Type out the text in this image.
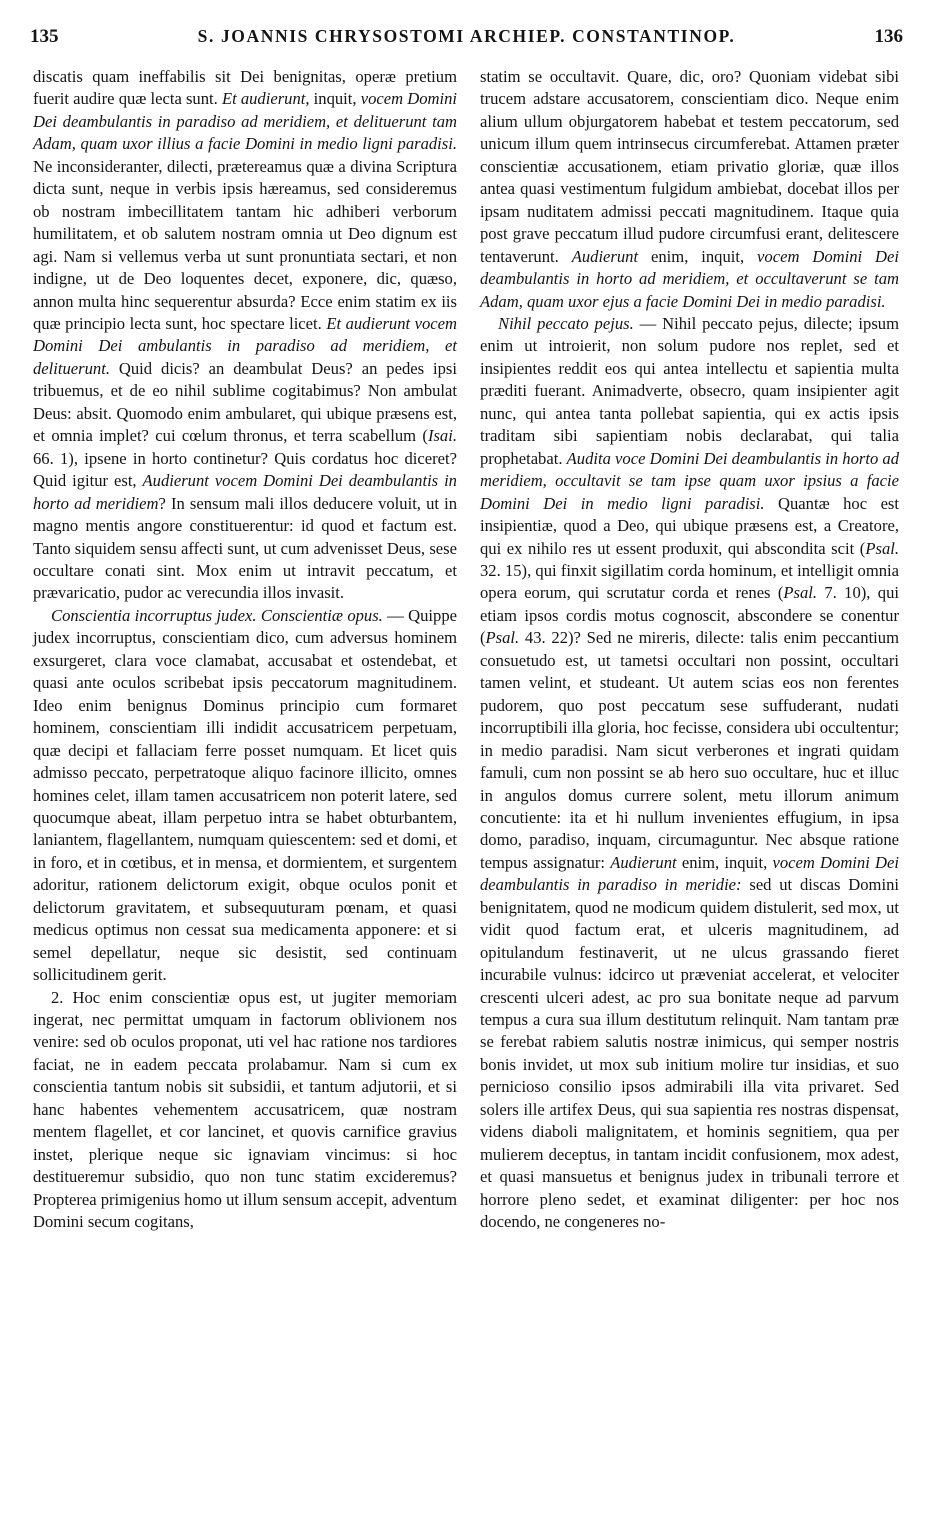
135	S. JOANNIS CHRYSOSTOMI ARCHIEP. CONSTANTINOP.	136

discatis quam ineffabilis sit Dei benignitas, operæ pretium fuerit audire quæ lecta sunt. Et audierunt, inquit, vocem Domini Dei deambulantis in paradiso ad meridiem, et delituerunt tam Adam, quam uxor illius a facie Domini in medio ligni paradisi. Ne inconsideranter, dilecti, prætereamus quæ a divina Scriptura dicta sunt, neque in verbis ipsis hæreamus, sed consideremus ob nostram imbecillitatem tantam hic adhiberi verborum humilitatem, et ob salutem nostram omnia ut Deo dignum est agi. Nam si vellemus verba ut sunt pronuntiata sectari, et non indigne, ut de Deo loquentes decet, exponere, dic, quæso, annon multa hinc sequerentur absurda? Ecce enim statim ex iis quæ principio lecta sunt, hoc spectare licet. Et audierunt vocem Domini Dei ambulantis in paradiso ad meridiem, et delituerunt. Quid dicis? an deambulat Deus? an pedes ipsi tribuemus, et de eo nihil sublime cogitabimus? Non ambulat Deus: absit. Quomodo enim ambularet, qui ubique præsens est, et omnia implet? cui cœlum thronus, et terra scabellum (Isai. 66. 1), ipsene in horto continetur? Quis cordatus hoc diceret? Quid igitur est, Audierunt vocem Domini Dei deambulantis in horto ad meridiem? In sensum mali illos deducere voluit, ut in magno mentis angore constituerentur: id quod et factum est. Tanto siquidem sensu affecti sunt, ut cum advenisset Deus, sese occultare conati sint. Mox enim ut intravit peccatum, et prævaricatio, pudor ac verecundia illos invasit.

Conscientia incorruptus judex. Conscientiæ opus. — Quippe judex incorruptus, conscientiam dico, cum adversus hominem exsurgeret, clara voce clamabat, accusabat et ostendebat, et quasi ante oculos scribebat ipsis peccatorum magnitudinem. Ideo enim benignus Dominus principio cum formaret hominem, conscientiam illi indidit accusatricem perpetuam, quæ decipi et fallaciam ferre posset numquam. Et licet quis admisso peccato, perpetratoque aliquo facinore illicito, omnes homines celet, illam tamen accusatricem non poterit latere, sed quocumque abeat, illam perpetuo intra se habet obturbantem, laniantem, flagellantem, numquam quiescentem: sed et domi, et in foro, et in cœtibus, et in mensa, et dormientem, et surgentem adoritur, rationem delictorum exigit, obque oculos ponit et delictorum gravitatem, et subsequuturam pœnam, et quasi medicus optimus non cessat sua medicamenta apponere: et si semel depellatur, neque sic desistit, sed continuam sollicitudinem gerit.

2. Hoc enim conscientiæ opus est, ut jugiter memoriam ingerat, nec permittat umquam in factorum oblivionem nos venire: sed ob oculos proponat, uti vel hac ratione nos tardiores faciat, ne in eadem peccata prolabamur. Nam si cum ex conscientia tantum nobis sit subsidii, et tantum adjutorii, et si hanc habentes vehementem accusatricem, quæ nostram mentem flagellet, et cor lancinet, et quovis carnifice gravius instet, plerique neque sic ignaviam vincimus: si hoc destitueremur subsidio, quo non tunc statim excideremus? Propterea primigenius homo ut illum sensum accepit, adventum Domini secum cogitans,

statim se occultavit. Quare, dic, oro? Quoniam videbat sibi trucem adstare accusatorem, conscientiam dico. Neque enim alium ullum objurgatorem habebat et testem peccatorum, sed unicum illum quem intrinsecus circumferebat. Attamen præter conscientiæ accusationem, etiam privatio gloriæ, quæ illos antea quasi vestimentum fulgidum ambiebat, docebat illos per ipsam nuditatem admissi peccati magnitudinem. Itaque quia post grave peccatum illud pudore circumfusi erant, delitescere tentaverunt. Audierunt enim, inquit, vocem Domini Dei deambulantis in horto ad meridiem, et occultaverunt se tam Adam, quam uxor ejus a facie Domini Dei in medio paradisi.

Nihil peccato pejus. — Nihil peccato pejus, dilecte; ipsum enim ut introierit, non solum pudore nos replet, sed et insipientes reddit eos qui antea intellectu et sapientia multa præditi fuerant. Animadverte, obsecro, quam insipienter agit nunc, qui antea tanta pollebat sapientia, qui ex actis ipsis traditam sibi sapientiam nobis declarabat, qui talia prophetabat. Audita voce Domini Dei deambulantis in horto ad meridiem, occultavit se tam ipse quam uxor ipsius a facie Domini Dei in medio ligni paradisi. Quantæ hoc est insipientiæ, quod a Deo, qui ubique præsens est, a Creatore, qui ex nihilo res ut essent produxit, qui abscondita scit (Psal. 32. 15), qui finxit sigillatim corda hominum, et intelligit omnia opera eorum, qui scrutatur corda et renes (Psal. 7. 10), qui etiam ipsos cordis motus cognoscit, abscondere se conentur (Psal. 43. 22)? Sed ne mireris, dilecte: talis enim peccantium consuetudo est, ut tametsi occultari non possint, occultari tamen velint, et studeant. Ut autem scias eos non ferentes pudorem, quo post peccatum sese suffuderant, nudati incorruptibili illa gloria, hoc fecisse, considera ubi occultentur; in medio paradisi. Nam sicut verberones et ingrati quidam famuli, cum non possint se ab hero suo occultare, huc et illuc in angulos domus currere solent, metu illorum animum concutiente: ita et hi nullum invenientes effugium, in ipsa domo, paradiso, inquam, circumaguntur. Nec absque ratione tempus assignatur: Audierunt enim, inquit, vocem Domini Dei deambulantis in paradiso in meridie: sed ut discas Domini benignitatem, quod ne modicum quidem distulerit, sed mox, ut vidit quod factum erat, et ulceris magnitudinem, ad opitulandum festinaverit, ut ne ulcus grassando fieret incurabile vulnus: idcirco ut præveniat accelerat, et velociter crescenti ulceri adest, ac pro sua bonitate neque ad parvum tempus a cura sua illum destitutum relinquit. Nam tantam præ se ferebat rabiem salutis nostræ inimicus, qui semper nostris bonis invidet, ut mox sub initium molire tur insidias, et suo pernicioso consilio ipsos admirabili illa vita privaret. Sed solers ille artifex Deus, qui sua sapientia res nostras dispensat, videns diaboli malignitatem, et hominis segnitiem, qua per mulierem deceptus, in tantam incidit confusionem, mox adest, et quasi mansuetus et benignus judex in tribunali terrore et horrore pleno sedet, et examinat diligenter: per hoc nos docendo, ne congeneres no-
